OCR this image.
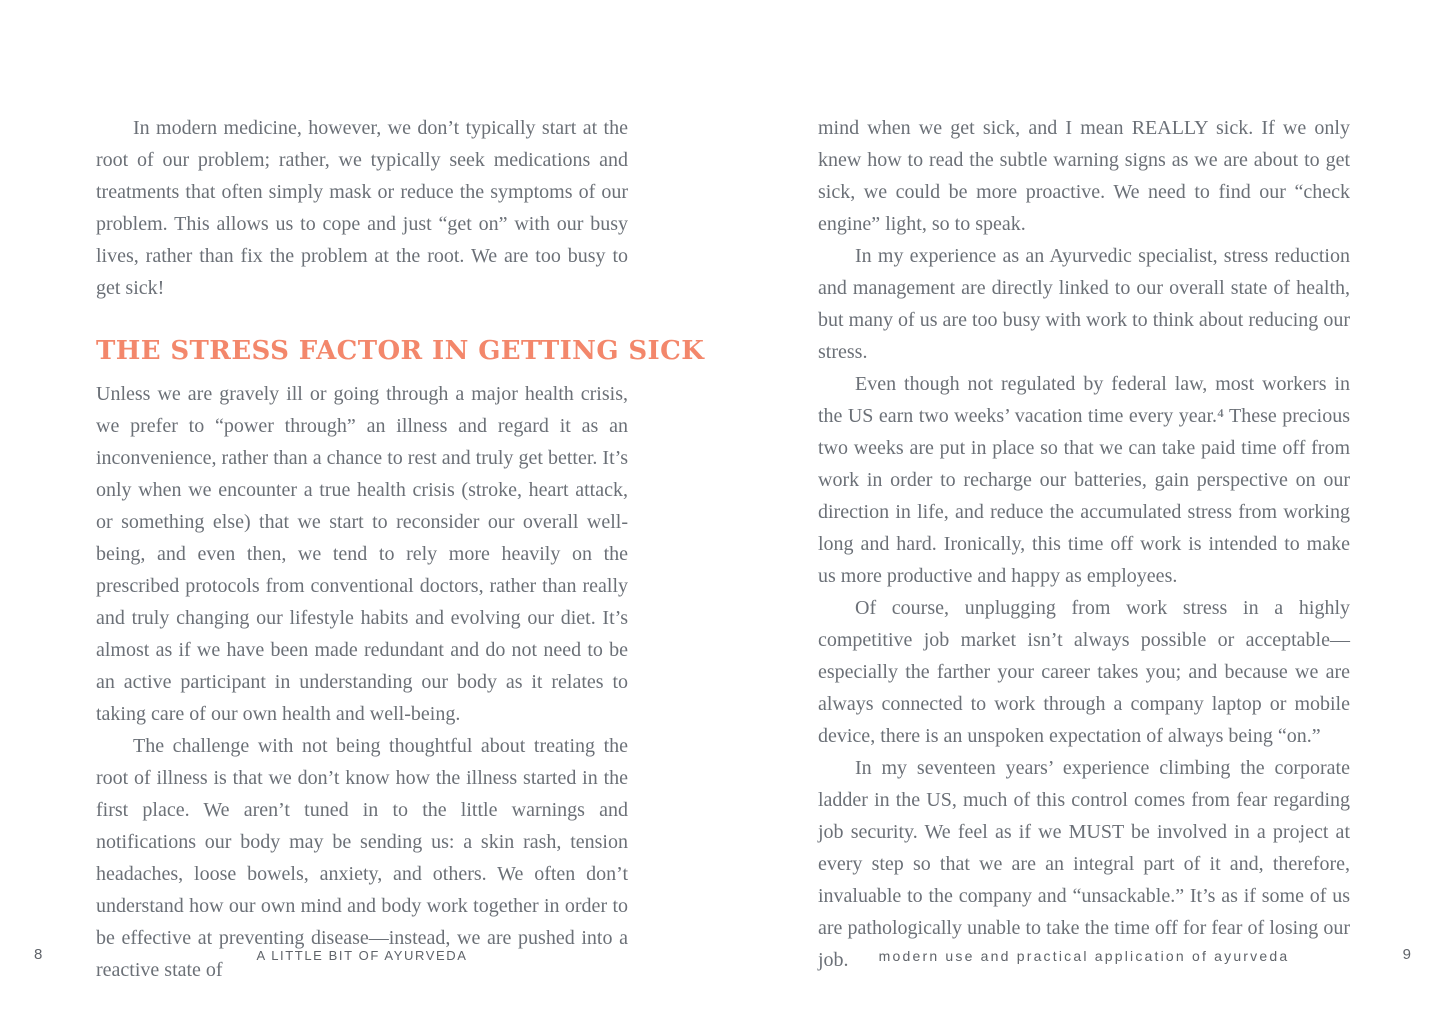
In modern medicine, however, we don’t typically start at the root of our problem; rather, we typically seek medications and treatments that often simply mask or reduce the symptoms of our problem. This allows us to cope and just “get on” with our busy lives, rather than fix the problem at the root. We are too busy to get sick!

THE STRESS FACTOR IN GETTING SICK

Unless we are gravely ill or going through a major health crisis, we prefer to “power through” an illness and regard it as an inconvenience, rather than a chance to rest and truly get better. It’s only when we encounter a true health crisis (stroke, heart attack, or something else) that we start to reconsider our overall well-being, and even then, we tend to rely more heavily on the prescribed protocols from conventional doctors, rather than really and truly changing our lifestyle habits and evolving our diet. It’s almost as if we have been made redundant and do not need to be an active participant in understanding our body as it relates to taking care of our own health and well-being.

The challenge with not being thoughtful about treating the root of illness is that we don’t know how the illness started in the first place. We aren’t tuned in to the little warnings and notifications our body may be sending us: a skin rash, tension headaches, loose bowels, anxiety, and others. We often don’t understand how our own mind and body work together in order to be effective at preventing disease—instead, we are pushed into a reactive state of

8	A LITTLE BIT OF AYURVEDA

mind when we get sick, and I mean REALLY sick. If we only knew how to read the subtle warning signs as we are about to get sick, we could be more proactive. We need to find our “check engine” light, so to speak.

In my experience as an Ayurvedic specialist, stress reduction and management are directly linked to our overall state of health, but many of us are too busy with work to think about reducing our stress.

Even though not regulated by federal law, most workers in the US earn two weeks’ vacation time every year.⁴ These precious two weeks are put in place so that we can take paid time off from work in order to recharge our batteries, gain perspective on our direction in life, and reduce the accumulated stress from working long and hard. Ironically, this time off work is intended to make us more productive and happy as employees.

Of course, unplugging from work stress in a highly competitive job market isn’t always possible or acceptable—especially the farther your career takes you; and because we are always connected to work through a company laptop or mobile device, there is an unspoken expectation of always being “on.”

In my seventeen years’ experience climbing the corporate ladder in the US, much of this control comes from fear regarding job security. We feel as if we MUST be involved in a project at every step so that we are an integral part of it and, therefore, invaluable to the company and “unsackable.” It’s as if some of us are pathologically unable to take the time off for fear of losing our job.	modern use and practical application of ayurveda	9
